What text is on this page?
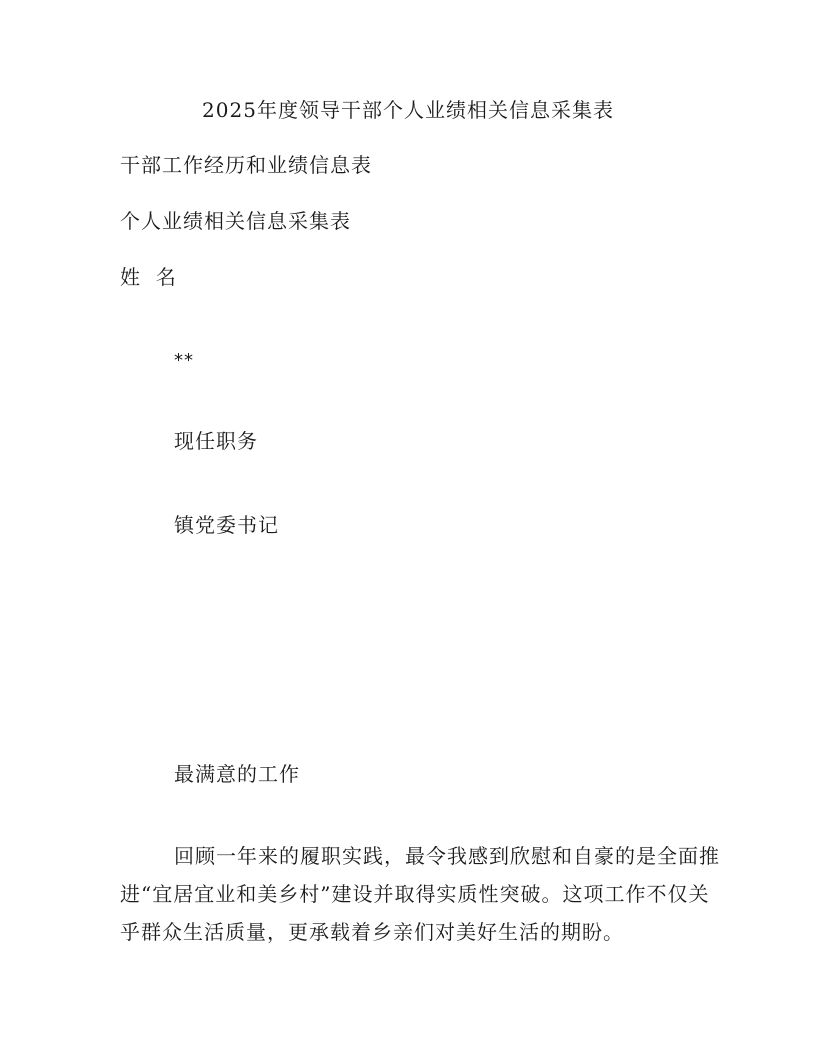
2025年度领导干部个人业绩相关信息采集表
干部工作经历和业绩信息表
个人业绩相关信息采集表
姓  名
**
现任职务
镇党委书记
最满意的工作

回顾一年来的履职实践，最令我感到欣慰和自豪的是全面推进“宜居宜业和美乡村”建设并取得实质性突破。这项工作不仅关乎群众生活质量，更承载着乡亲们对美好生活的期盼。
